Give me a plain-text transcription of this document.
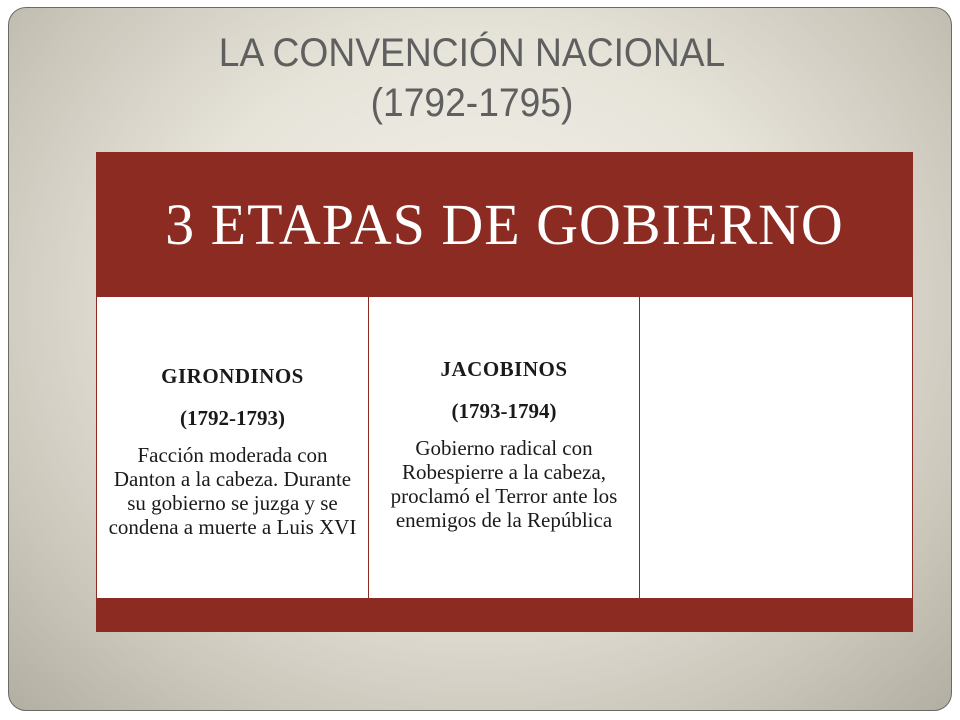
LA CONVENCIÓN NACIONAL
(1792-1795)
3 ETAPAS DE GOBIERNO
GIRONDINOS
(1792-1793)
Facción moderada con Danton a la cabeza. Durante su gobierno se juzga y se condena a muerte a Luis XVI
JACOBINOS
(1793-1794)
Gobierno radical con Robespierre a la cabeza, proclamó el Terror ante los enemigos de la República
